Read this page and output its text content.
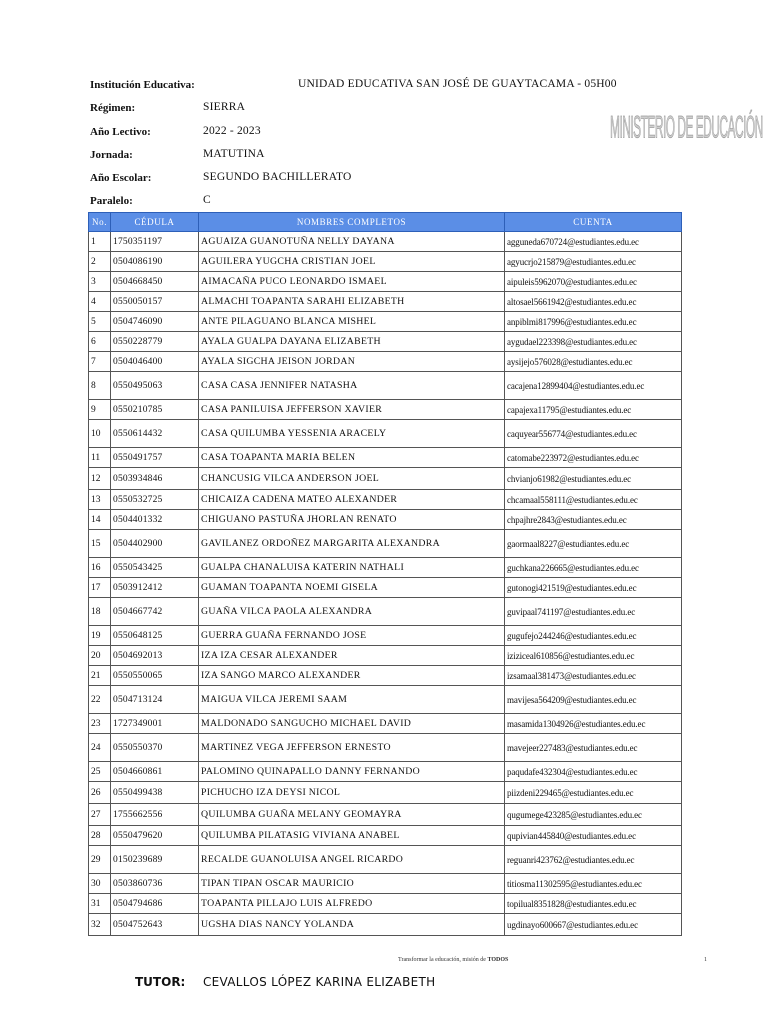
Institución Educativa:	UNIDAD EDUCATIVA SAN JOSÉ DE GUAYTACAMA - 05H00
Régimen:	SIERRA
Año Lectivo:	2022 - 2023
Jornada:	MATUTINA
Año Escolar:	SEGUNDO BACHILLERATO
Paralelo:	C
MINISTERIO DE EDUCACIÓN
No.	CÉDULA	NOMBRES COMPLETOS	CUENTA
1	1750351197	AGUAIZA GUANOTUÑA NELLY DAYANA	agguneda670724@estudiantes.edu.ec
2	0504086190	AGUILERA YUGCHA CRISTIAN JOEL	agyucrjo215879@estudiantes.edu.ec
3	0504668450	AIMACAÑA PUCO LEONARDO ISMAEL	aipuleis5962070@estudiantes.edu.ec
4	0550050157	ALMACHI TOAPANTA SARAHI ELIZABETH	altosael5661942@estudiantes.edu.ec
5	0504746090	ANTE PILAGUANO BLANCA MISHEL	anpiblmi817996@estudiantes.edu.ec
6	0550228779	AYALA GUALPA DAYANA ELIZABETH	aygudael223398@estudiantes.edu.ec
7	0504046400	AYALA SIGCHA JEISON JORDAN	aysijejo576028@estudiantes.edu.ec
8	0550495063	CASA CASA JENNIFER NATASHA	cacajena12899404@estudiantes.edu.ec
9	0550210785	CASA PANILUISA JEFFERSON XAVIER	capajexa11795@estudiantes.edu.ec
10	0550614432	CASA QUILUMBA YESSENIA ARACELY	caquyear556774@estudiantes.edu.ec
11	0550491757	CASA TOAPANTA MARIA BELEN	catomabe223972@estudiantes.edu.ec
12	0503934846	CHANCUSIG VILCA ANDERSON JOEL	chvianjo61982@estudiantes.edu.ec
13	0550532725	CHICAIZA CADENA MATEO ALEXANDER	chcamaal558111@estudiantes.edu.ec
14	0504401332	CHIGUANO PASTUÑA JHORLAN RENATO	chpajhre2843@estudiantes.edu.ec
15	0504402900	GAVILANEZ ORDOÑEZ MARGARITA ALEXANDRA	gaormaal8227@estudiantes.edu.ec
16	0550543425	GUALPA CHANALUISA KATERIN NATHALI	guchkana226665@estudiantes.edu.ec
17	0503912412	GUAMAN TOAPANTA NOEMI GISELA	gutonogi421519@estudiantes.edu.ec
18	0504667742	GUAÑA VILCA PAOLA ALEXANDRA	guvipaal741197@estudiantes.edu.ec
19	0550648125	GUERRA GUAÑA FERNANDO JOSE	gugufejo244246@estudiantes.edu.ec
20	0504692013	IZA IZA CESAR ALEXANDER	iziziceal610856@estudiantes.edu.ec
21	0550550065	IZA SANGO MARCO ALEXANDER	izsamaal381473@estudiantes.edu.ec
22	0504713124	MAIGUA VILCA JEREMI SAAM	mavijesa564209@estudiantes.edu.ec
23	1727349001	MALDONADO SANGUCHO MICHAEL DAVID	masamida1304926@estudiantes.edu.ec
24	0550550370	MARTINEZ VEGA JEFFERSON ERNESTO	mavejeer227483@estudiantes.edu.ec
25	0504660861	PALOMINO QUINAPALLO DANNY FERNANDO	paqudafe432304@estudiantes.edu.ec
26	0550499438	PICHUCHO IZA DEYSI NICOL	piizdeni229465@estudiantes.edu.ec
27	1755662556	QUILUMBA GUAÑA MELANY GEOMAYRA	qugumege423285@estudiantes.edu.ec
28	0550479620	QUILUMBA PILATASIG VIVIANA ANABEL	qupivian445840@estudiantes.edu.ec
29	0150239689	RECALDE GUANOLUISA ANGEL RICARDO	reguanri423762@estudiantes.edu.ec
30	0503860736	TIPAN TIPAN OSCAR MAURICIO	titiosma11302595@estudiantes.edu.ec
31	0504794686	TOAPANTA PILLAJO LUIS ALFREDO	topilual8351828@estudiantes.edu.ec
32	0504752643	UGSHA DIAS NANCY YOLANDA	ugdinayo600667@estudiantes.edu.ec
Transformar la educación, misión de TODOS	1
TUTOR: CEVALLOS LÓPEZ KARINA ELIZABETH
